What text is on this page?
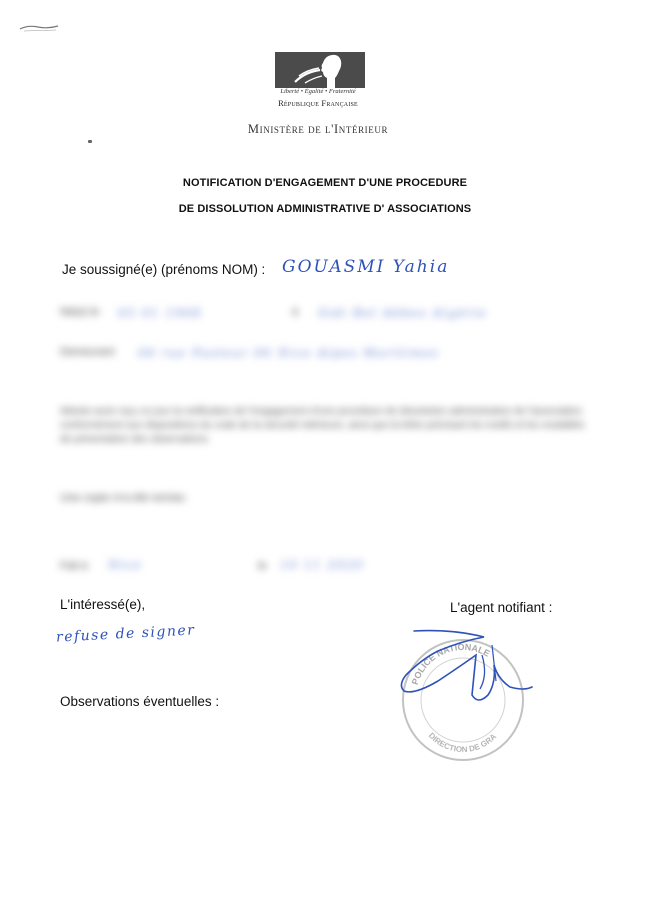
Liberté • Égalité • Fraternité
République Française
Ministère de l'Intérieur
NOTIFICATION D'ENGAGEMENT D'UNE PROCEDURE
DE DISSOLUTION ADMINISTRATIVE D' ASSOCIATIONS
Je soussigné(e) (prénoms NOM) : GOUASMI Yahia
Né(e) le 05 01 1968	à Sidi Bel Abbes Algérie
Demeurant 06 rue Pasteur 06 Nice Alpes Maritimes
Atteste avoir reçu ce jour la notification de l'engagement d'une procédure de dissolution administrative de l'association conformément aux dispositions du code de la sécurité intérieure, ainsi que la lettre précisant les motifs et les modalités de présentation des observations.
Une copie m'a été remise.
Fait à Nice	le 10 11 2020
L'intéressé(e),	L'agent notifiant :
refuse de signer
Observations éventuelles :
POLICE NATIONALE
DIRECTION DE GRA
